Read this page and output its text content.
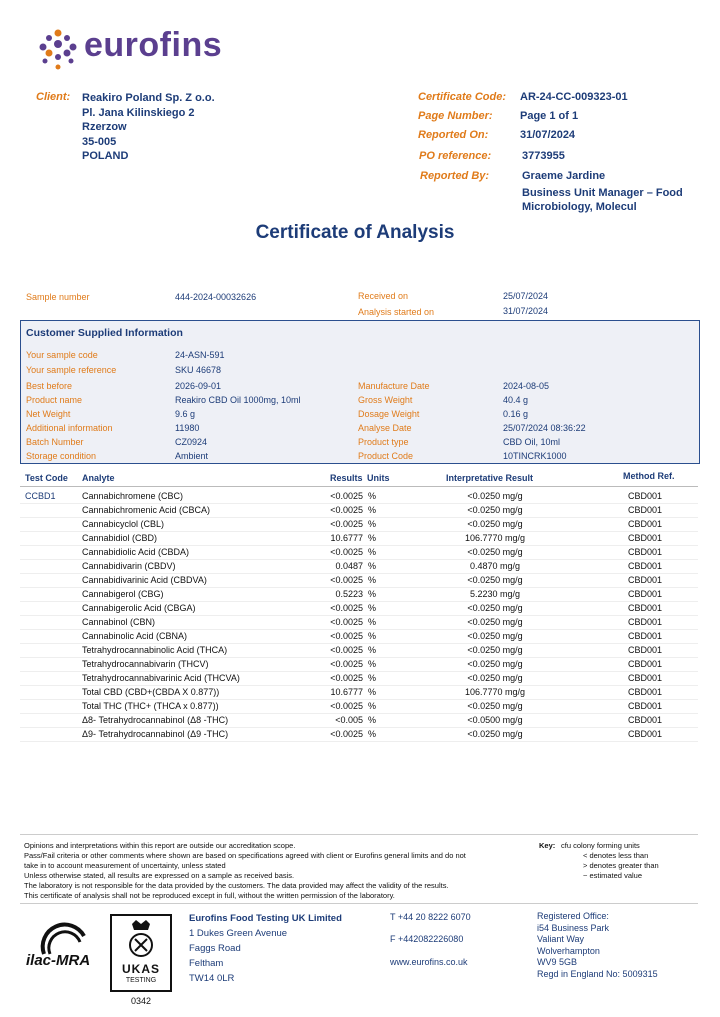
eurofins
Client: Reakiro Poland Sp. Z o.o.
Pl. Jana Kilinskiego 2
Rzerzow
35-005
POLAND
Certificate Code: AR-24-CC-009323-01
Page Number: Page 1 of 1
Reported On:	31/07/2024
PO reference:	3773955
Reported By:	Graeme Jardine
Business Unit Manager – Food
Microbiology, Molecul
Certificate of Analysis
Sample number	444-2024-00032626	Received on	25/07/2024
Analysis started on	31/07/2024
Customer Supplied Information
Your sample code	24-ASN-591
Your sample reference	SKU 46678
Best before	2026-09-01
Product name	Reakiro CBD Oil 1000mg, 10ml
Net Weight	9.6 g
Additional information	11980
Batch Number	CZ0924
Storage condition	Ambient
Manufacture Date	2024-08-05
Gross Weight	40.4 g
Dosage Weight	0.16 g
Analyse Date	25/07/2024 08:36:22
Product type	CBD Oil, 10ml
Product Code	10TINCRK1000
Test Code Analyte	Results Units	Interpretative Result	Method Ref.
CCBD1	Cannabichromene (CBC)	<0.0025 %	<0.0250 mg/g	CBD001
Cannabichromenic Acid (CBCA)	<0.0025 %	<0.0250 mg/g	CBD001
Cannabicyclol (CBL)	<0.0025 %	<0.0250 mg/g	CBD001
Cannabidiol (CBD)	10.6777 %	106.7770 mg/g	CBD001
Cannabidiolic Acid (CBDA)	<0.0025 %	<0.0250 mg/g	CBD001
Cannabidivarin (CBDV)	0.0487 %	0.4870 mg/g	CBD001
Cannabidivarinic Acid (CBDVA)	<0.0025 %	<0.0250 mg/g	CBD001
Cannabigerol (CBG)	0.5223 %	5.2230 mg/g	CBD001
Cannabigerolic Acid (CBGA)	<0.0025 %	<0.0250 mg/g	CBD001
Cannabinol (CBN)	<0.0025 %	<0.0250 mg/g	CBD001
Cannabinolic Acid (CBNA)	<0.0025 %	<0.0250 mg/g	CBD001
Tetrahydrocannabinolic Acid (THCA)	<0.0025 %	<0.0250 mg/g	CBD001
Tetrahydrocannabivarin (THCV)	<0.0025 %	<0.0250 mg/g	CBD001
Tetrahydrocannabivarinic Acid (THCVA)	<0.0025 %	<0.0250 mg/g	CBD001
Total CBD (CBD+(CBDA X 0.877))	10.6777 %	106.7770 mg/g	CBD001
Total THC (THC+ (THCA x 0.877))	<0.0025 %	<0.0250 mg/g	CBD001
Δ8- Tetrahydrocannabinol (Δ8 -THC)	<0.005 %	<0.0500 mg/g	CBD001
Δ9- Tetrahydrocannabinol (Δ9 -THC)	<0.0025 %	<0.0250 mg/g	CBD001
Opinions and interpretations within this report are outside our accreditation scope.
Pass/Fail criteria or other comments where shown are based on specifications agreed with client or Eurofins general limits and do not
take in to account measurement of uncertainty, unless stated
Unless otherwise stated, all results are expressed on a sample as received basis.
The laboratory is not responsible for the data provided by the customers. The data provided may affect the validity of the results.
This certificate of analysis shall not be reproduced except in full, without the written permission of the laboratory.
Key: cfu colony forming units
< denotes less than
> denotes greater than
~ estimated value
ilac-MRA	UKAS
TESTING
0342
Eurofins Food Testing UK Limited
1 Dukes Green Avenue
Faggs Road
Feltham
TW14 0LR
T +44 20 8222 6070
F +442082226080
www.eurofins.co.uk
Registered Office:
i54 Business Park
Valiant Way
Wolverhampton
WV9 5GB
Regd in England No: 5009315
